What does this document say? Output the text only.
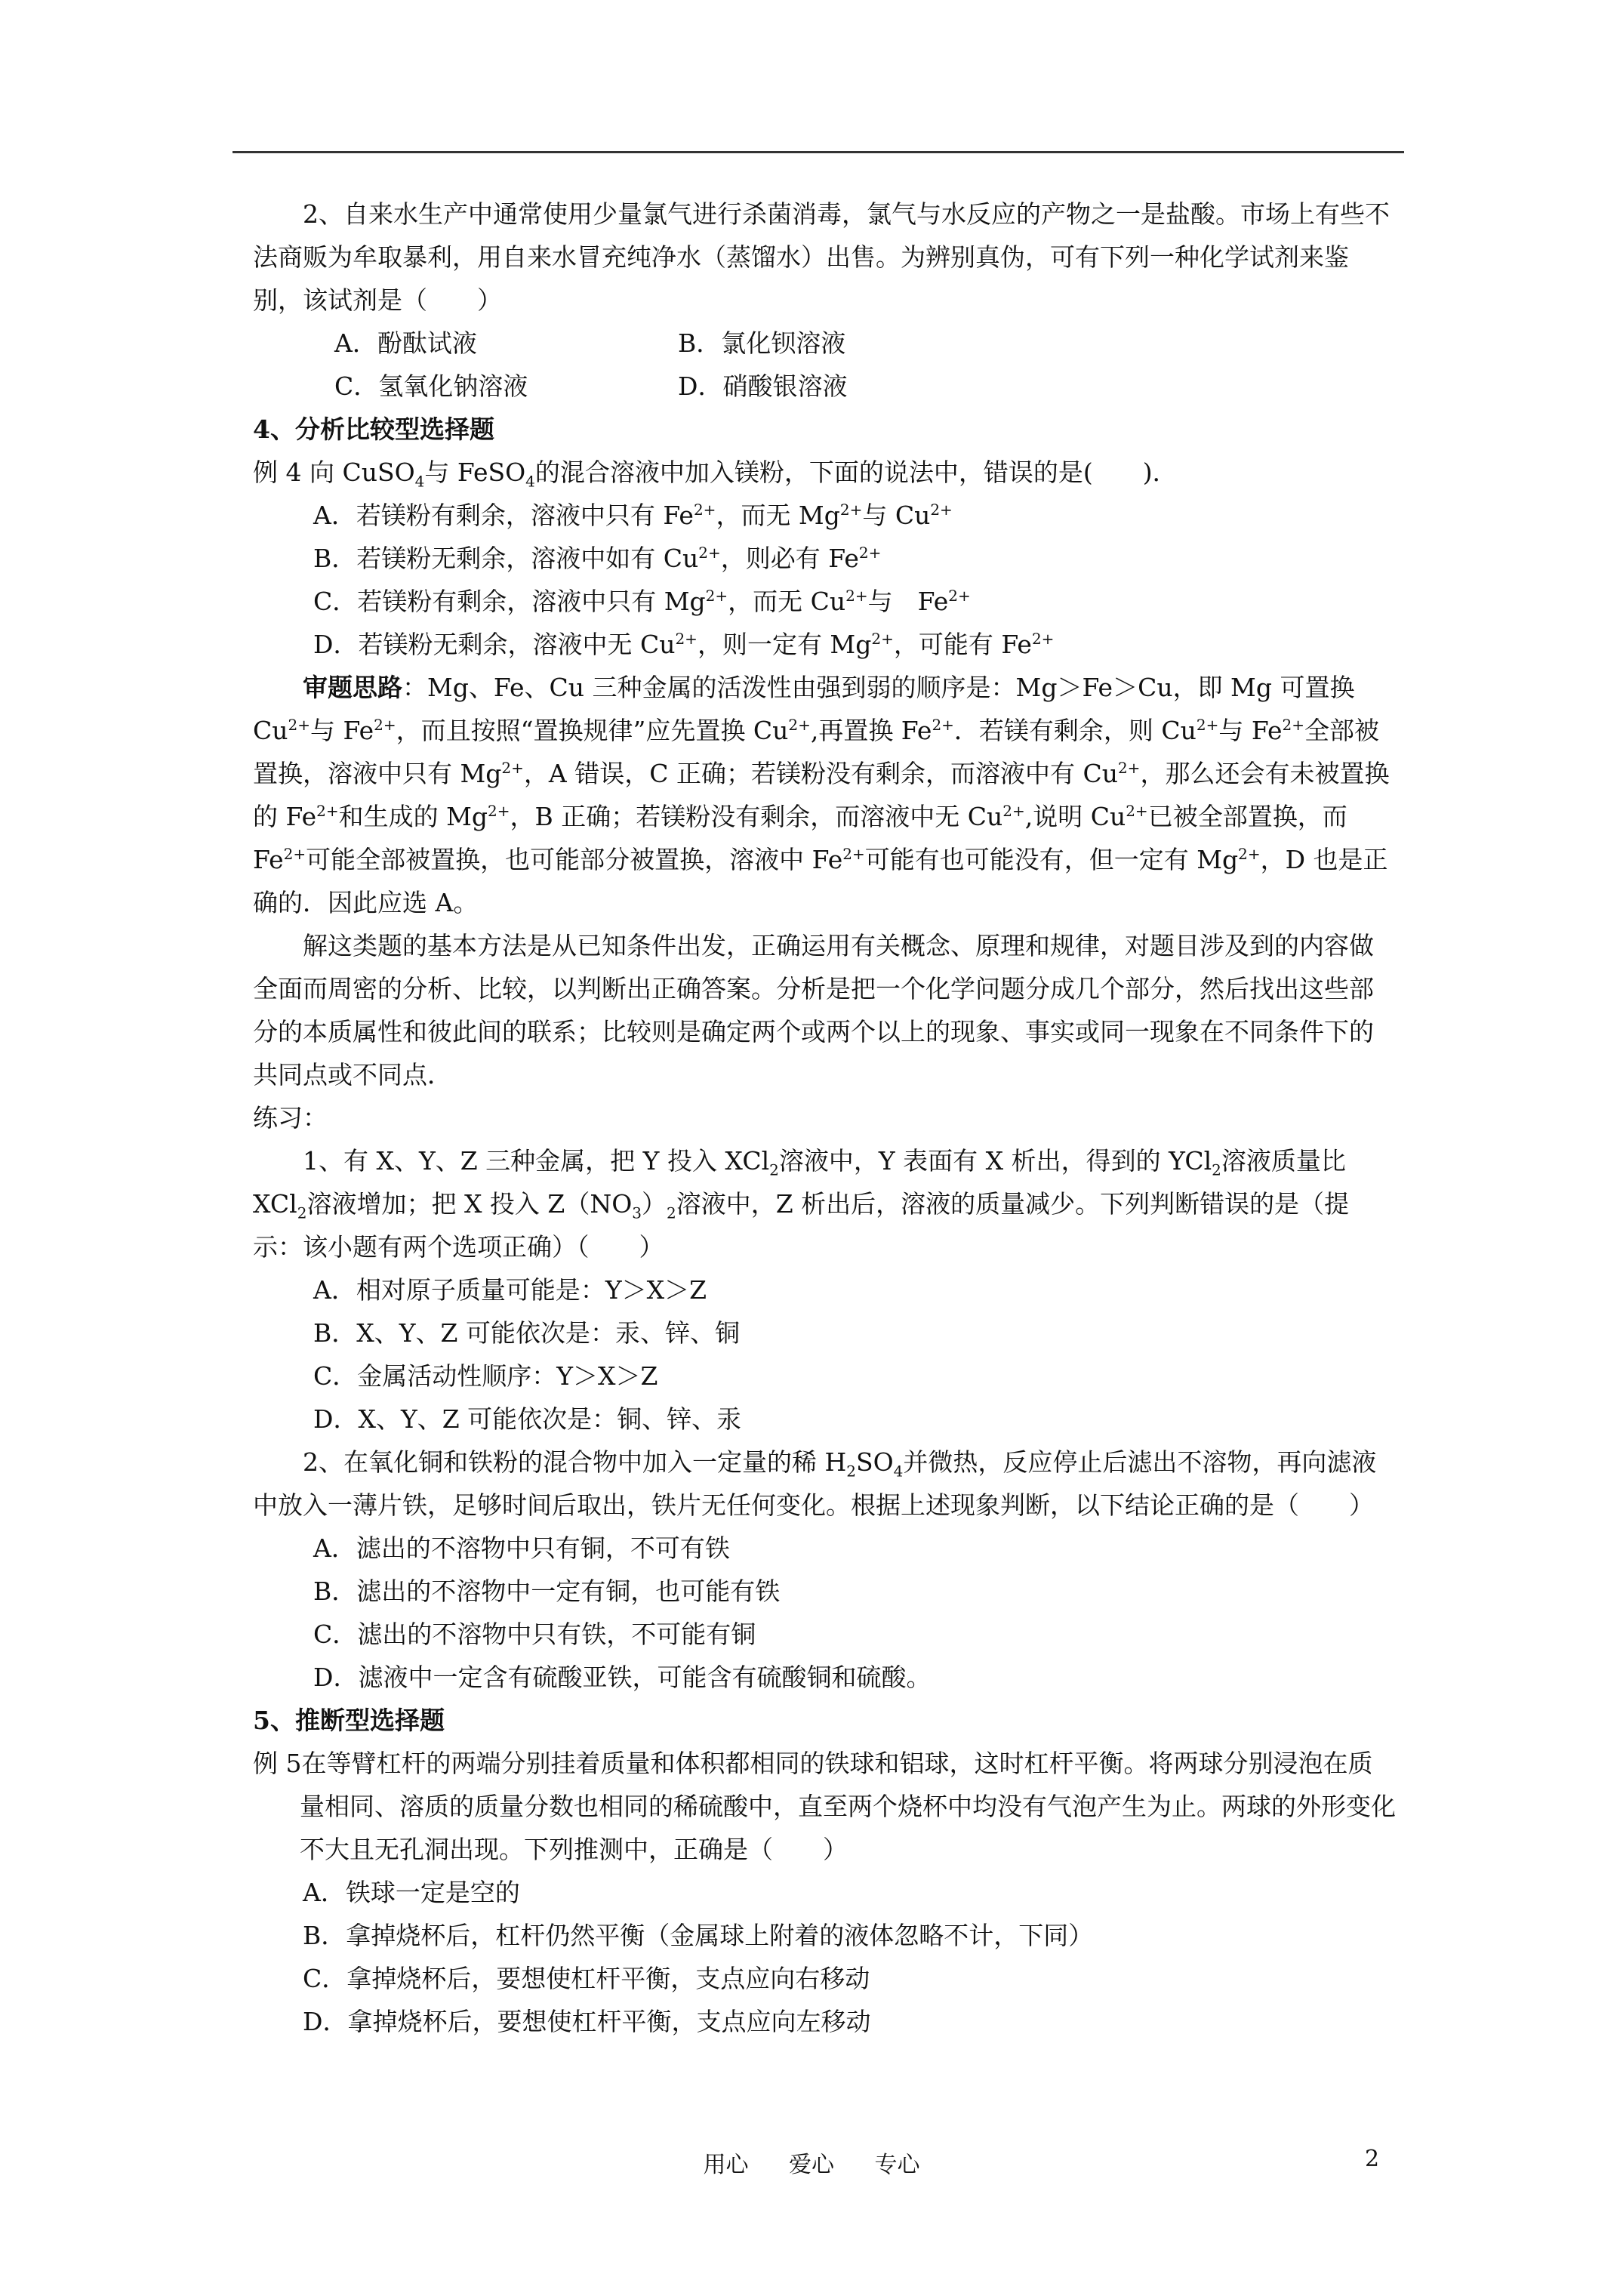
2、自来水生产中通常使用少量氯气进行杀菌消毒，氯气与水反应的产物之一是盐酸。市场上有些不法商贩为牟取暴利，用自来水冒充纯净水（蒸馏水）出售。为辨别真伪，可有下列一种化学试剂来鉴别，该试剂是（　　）

A．酚酞试液	B．氯化钡溶液
C．氢氧化钠溶液	D．硝酸银溶液

4、分析比较型选择题

例 4 向 CuSO$_4$与 FeSO$_4$的混合溶液中加入镁粉，下面的说法中，错误的是(　　)．

A．若镁粉有剩余，溶液中只有 $Fe^{2+}$，而无 $Mg^{2+}$与 $Cu^{2+}$

B．若镁粉无剩余，溶液中如有 $Cu^{2+}$，则必有 $Fe^{2+}$

C．若镁粉有剩余，溶液中只有 $Mg^{2+}$，而无 $Cu^{2+}$与　$Fe^{2+}$

D．若镁粉无剩余，溶液中无 $Cu^{2+}$，则一定有 $Mg^{2+}$，可能有 $Fe^{2+}$

审题思路：Mg、Fe、Cu 三种金属的活泼性由强到弱的顺序是：Mg＞Fe＞Cu，即 Mg 可置换 $Cu^{2+}$与 $Fe^{2+}$，而且按照“置换规律”应先置换 $Cu^{2+}$,再置换 $Fe^{2+}$．若镁有剩余，则 $Cu^{2+}$与 $Fe^{2+}$全部被置换，溶液中只有 $Mg^{2+}$，A 错误，C 正确；若镁粉没有剩余，而溶液中有 $Cu^{2+}$，那么还会有未被置换的 $Fe^{2+}$和生成的 $Mg^{2+}$，B 正确；若镁粉没有剩余，而溶液中无 $Cu^{2+}$,说明 $Cu^{2+}$已被全部置换，而 $Fe^{2+}$可能全部被置换，也可能部分被置换，溶液中 $Fe^{2+}$可能有也可能没有，但一定有 $Mg^{2+}$，D 也是正确的．因此应选 A。

解这类题的基本方法是从已知条件出发，正确运用有关概念、原理和规律，对题目涉及到的内容做全面而周密的分析、比较，以判断出正确答案。分析是把一个化学问题分成几个部分，然后找出这些部分的本质属性和彼此间的联系；比较则是确定两个或两个以上的现象、事实或同一现象在不同条件下的共同点或不同点．

练习：

1、有 X、Y、Z 三种金属，把 Y 投入 XCl$_2$溶液中，Y 表面有 X 析出，得到的 YCl$_2$溶液质量比 XCl$_2$溶液增加；把 X 投入 $Z(NO_3)_2$溶液中，Z 析出后，溶液的质量减少。下列判断错误的是（提示：该小题有两个选项正确）（　　）

A．相对原子质量可能是：Y＞X＞Z

B．X、Y、Z 可能依次是：汞、锌、铜

C．金属活动性顺序：Y＞X＞Z

D．X、Y、Z 可能依次是：铜、锌、汞

2、在氧化铜和铁粉的混合物中加入一定量的稀 $H_2SO_4$并微热，反应停止后滤出不溶物，再向滤液中放入一薄片铁，足够时间后取出，铁片无任何变化。根据上述现象判断，以下结论正确的是（　　）

A．滤出的不溶物中只有铜，不可有铁

B．滤出的不溶物中一定有铜，也可能有铁

C．滤出的不溶物中只有铁，不可能有铜

D．滤液中一定含有硫酸亚铁，可能含有硫酸铜和硫酸。

5、推断型选择题

例 5在等臂杠杆的两端分别挂着质量和体积都相同的铁球和铝球，这时杠杆平衡。将两球分别浸泡在质量相同、溶质的质量分数也相同的稀硫酸中，直至两个烧杯中均没有气泡产生为止。两球的外形变化不大且无孔洞出现。下列推测中，正确是（　　）

A．铁球一定是空的

B．拿掉烧杯后，杠杆仍然平衡（金属球上附着的液体忽略不计，下同）

C．拿掉烧杯后，要想使杠杆平衡，支点应向右移动

D．拿掉烧杯后，要想使杠杆平衡，支点应向左移动

用心 爱心 专心	2
